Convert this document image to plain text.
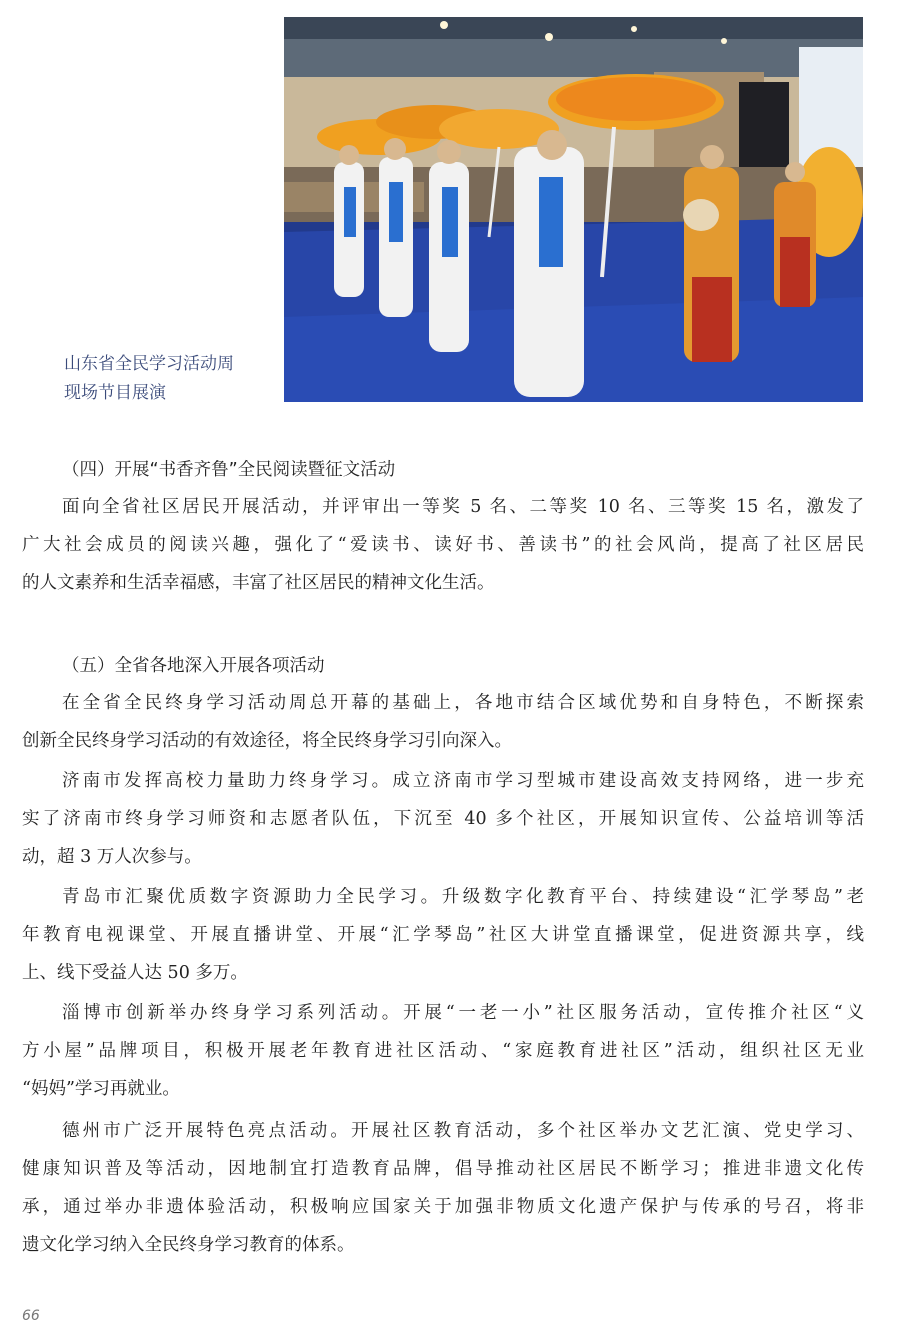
山东省全民学习活动周
现场节目展演
（四）开展“书香齐鲁”全民阅读暨征文活动
面向全省社区居民开展活动，并评审出一等奖 5 名、二等奖 10 名、三等奖 15 名，激发了
广大社会成员的阅读兴趣，强化了“爱读书、读好书、善读书”的社会风尚，提高了社区居民
的人文素养和生活幸福感，丰富了社区居民的精神文化生活。
（五）全省各地深入开展各项活动
在全省全民终身学习活动周总开幕的基础上，各地市结合区域优势和自身特色，不断探索
创新全民终身学习活动的有效途径，将全民终身学习引向深入。
济南市发挥高校力量助力终身学习。成立济南市学习型城市建设高效支持网络，进一步充
实了济南市终身学习师资和志愿者队伍，下沉至 40 多个社区，开展知识宣传、公益培训等活
动，超 3 万人次参与。
青岛市汇聚优质数字资源助力全民学习。升级数字化教育平台、持续建设“汇学琴岛”老
年教育电视课堂、开展直播讲堂、开展“汇学琴岛”社区大讲堂直播课堂，促进资源共享，线
上、线下受益人达 50 多万。
淄博市创新举办终身学习系列活动。开展“一老一小”社区服务活动，宣传推介社区“义
方小屋”品牌项目，积极开展老年教育进社区活动、“家庭教育进社区”活动，组织社区无业
“妈妈”学习再就业。
德州市广泛开展特色亮点活动。开展社区教育活动，多个社区举办文艺汇演、党史学习、
健康知识普及等活动，因地制宜打造教育品牌，倡导推动社区居民不断学习；推进非遗文化传
承，通过举办非遗体验活动，积极响应国家关于加强非物质文化遗产保护与传承的号召，将非
遗文化学习纳入全民终身学习教育的体系。
66
